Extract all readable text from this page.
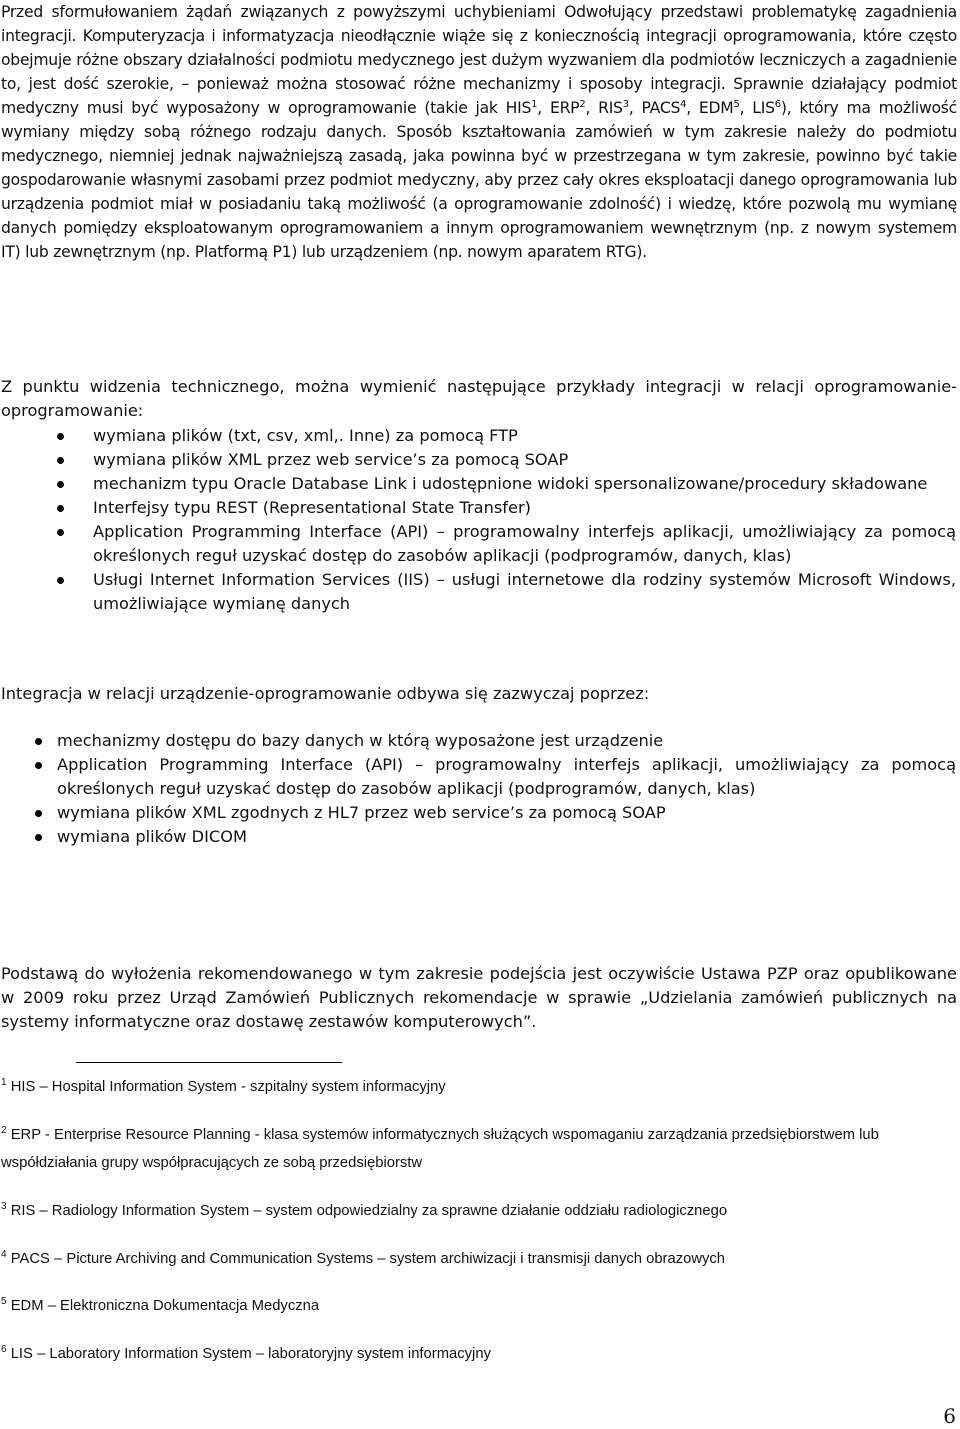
Przed sformułowaniem żądań związanych z powyższymi uchybieniami Odwołujący przedstawi problematykę zagadnienia integracji. Komputeryzacja i informatyzacja nieodłącznie wiąże się z koniecznością integracji oprogramowania, które często obejmuje różne obszary działalności podmiotu medycznego jest dużym wyzwaniem dla podmiotów leczniczych a zagadnienie to, jest dość szerokie, – ponieważ można stosować różne mechanizmy i sposoby integracji. Sprawnie działający podmiot medyczny musi być wyposażony w oprogramowanie (takie jak HIS$^1$, ERP$^2$, RIS$^3$, PACS$^4$, EDM$^5$, LIS$^6$), który ma możliwość wymiany między sobą różnego rodzaju danych. Sposób kształtowania zamówień w tym zakresie należy do podmiotu medycznego, niemniej jednak najważniejszą zasadą, jaka powinna być w przestrzegana w tym zakresie, powinno być takie gospodarowanie własnymi zasobami przez podmiot medyczny, aby przez cały okres eksploatacji danego oprogramowania lub urządzenia podmiot miał w posiadaniu taką możliwość (a oprogramowanie zdolność) i wiedzę, które pozwolą mu wymianę danych pomiędzy eksploatowanym oprogramowaniem a innym oprogramowaniem wewnętrznym (np. z nowym systemem IT) lub zewnętrznym (np. Platformą P1) lub urządzeniem (np. nowym aparatem RTG).

Z punktu widzenia technicznego, można wymienić następujące przykłady integracji w relacji oprogramowanie-oprogramowanie:

wymiana plików (txt, csv, xml,. Inne) za pomocą FTP
wymiana plików XML przez web service’s za pomocą SOAP
mechanizm typu Oracle Database Link i udostępnione widoki spersonalizowane/procedury składowane
Interfejsy typu REST (Representational State Transfer)
Application Programming Interface (API) – programowalny interfejs aplikacji, umożliwiający za pomocą określonych reguł uzyskać dostęp do zasobów aplikacji (podprogramów, danych, klas)
Usługi Internet Information Services (IIS) – usługi internetowe dla rodziny systemów Microsoft Windows, umożliwiające wymianę danych

Integracja w relacji urządzenie-oprogramowanie odbywa się zazwyczaj poprzez:

mechanizmy dostępu do bazy danych w którą wyposażone jest urządzenie
Application Programming Interface (API) – programowalny interfejs aplikacji, umożliwiający za pomocą określonych reguł uzyskać dostęp do zasobów aplikacji (podprogramów, danych, klas)
wymiana plików XML zgodnych z HL7 przez web service’s za pomocą SOAP
wymiana plików DICOM

Podstawą do wyłożenia rekomendowanego w tym zakresie podejścia jest oczywiście Ustawa PZP oraz opublikowane w 2009 roku przez Urząd Zamówień Publicznych rekomendacje w sprawie „Udzielania zamówień publicznych na systemy informatyczne oraz dostawę zestawów komputerowych”.

$^1$ HIS – Hospital Information System - szpitalny system informacyjny
$^2$ ERP - Enterprise Resource Planning - klasa systemów informatycznych służących wspomaganiu zarządzania przedsiębiorstwem lub współdziałania grupy współpracujących ze sobą przedsiębiorstw
$^3$ RIS – Radiology Information System – system odpowiedzialny za sprawne działanie oddziału radiologicznego
$^4$ PACS – Picture Archiving and Communication Systems – system archiwizacji i transmisji danych obrazowych
$^5$ EDM – Elektroniczna Dokumentacja Medyczna
$^6$ LIS – Laboratory Information System – laboratoryjny system informacyjny
6
